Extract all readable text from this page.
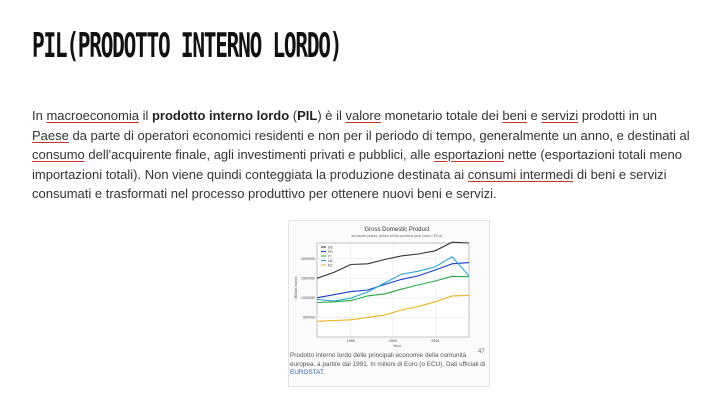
PIL(PRODOTTO INTERNO LORDO)
In macroeconomia il prodotto interno lordo (PIL) è il valore monetario totale dei beni e servizi prodotti in un Paese da parte di operatori economici residenti e non per il periodo di tempo, generalmente un anno, e destinati al consumo dell'acquirente finale, agli investimenti privati e pubblici, alle esportazioni nette (esportazioni totali meno importazioni totali). Non viene quindi conteggiata la produzione destinata ai consumi intermedi di beni e servizi consumati e trasformati nel processo produttivo per ottenere nuovi beni e servizi.
Gross Domestic Product
at market prices, prices of the previous year (euro / ECU)
Million euros
Year
2000000
1500000
1000000
500000
1995	2000	2005
DE
FR
IT
UK
ES
Prodotto interno lordo delle principali economie della comunità europea, a partire dal 1991. In milioni di Euro (o ECU). Dati ufficiali di EUROSTAT.
47
